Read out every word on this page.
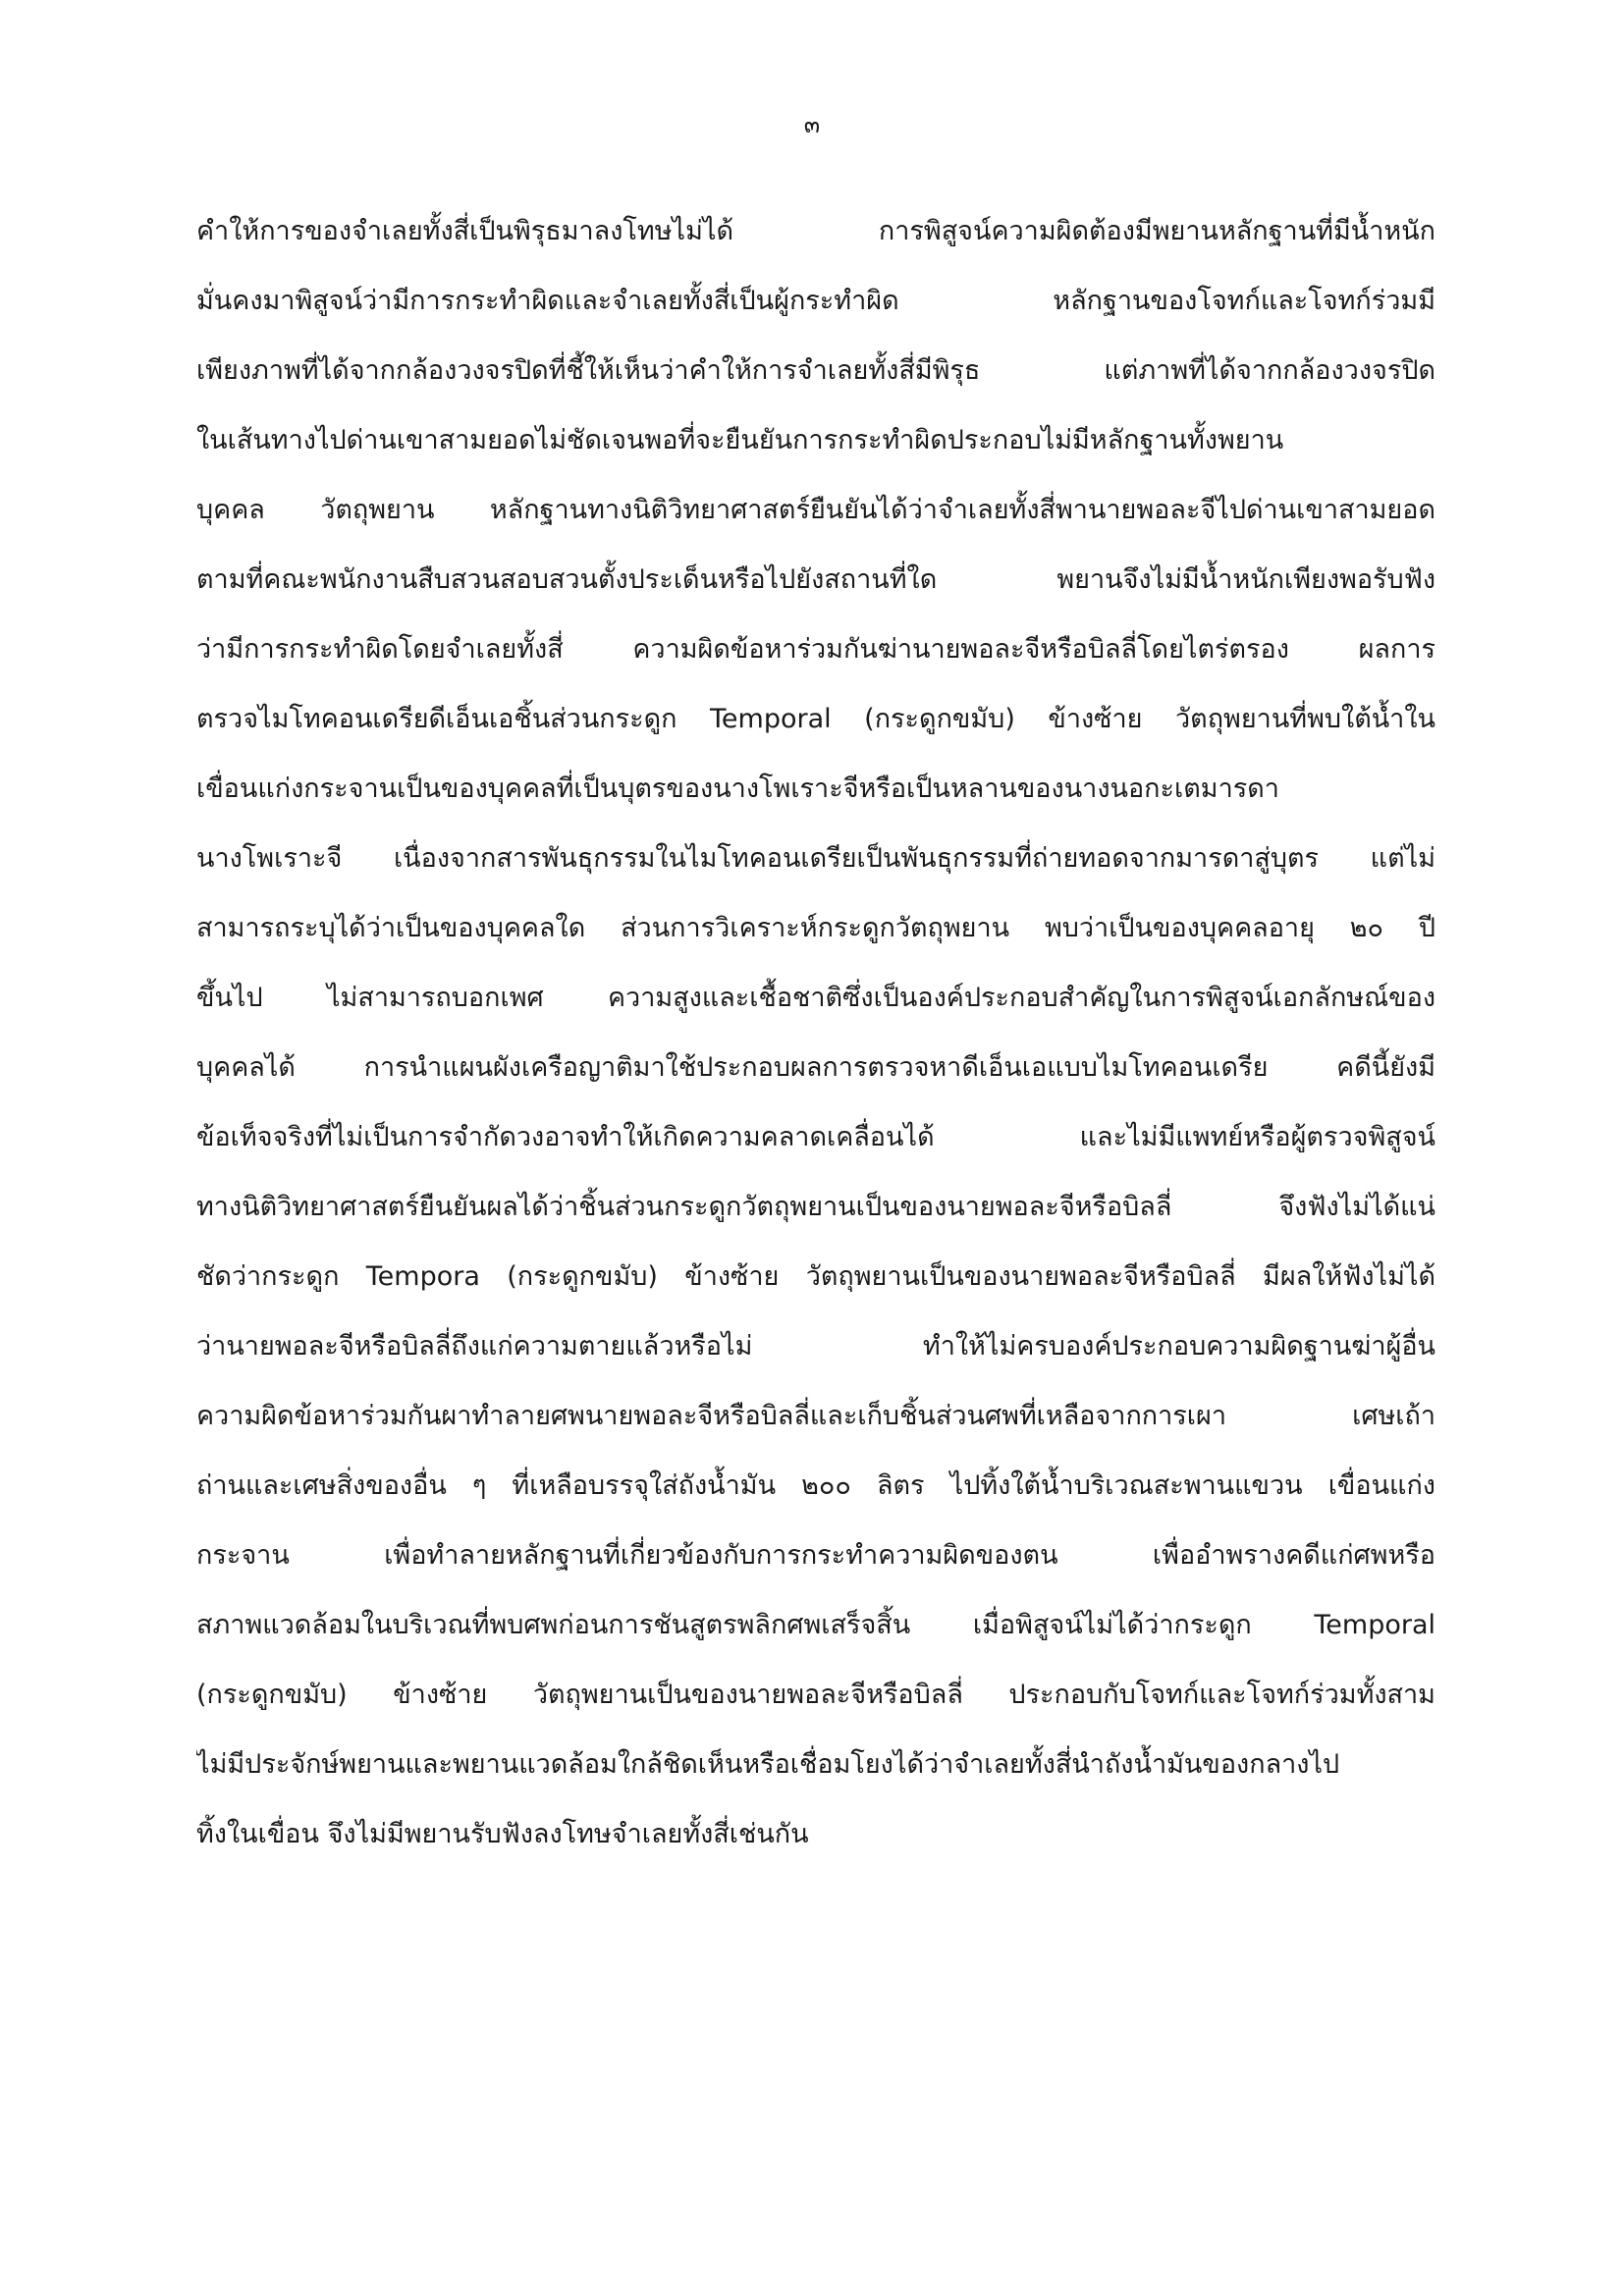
๓
คำให้การของจำเลยทั้งสี่เป็นพิรุธมาลงโทษไม่ได้ การพิสูจน์ความผิดต้องมีพยานหลักฐานที่มีน้ำหนัก
มั่นคงมาพิสูจน์ว่ามีการกระทำผิดและจำเลยทั้งสี่เป็นผู้กระทำผิด หลักฐานของโจทก์และโจทก์ร่วมมี
เพียงภาพที่ได้จากกล้องวงจรปิดที่ชี้ให้เห็นว่าคำให้การจำเลยทั้งสี่มีพิรุธ แต่ภาพที่ได้จากกล้องวงจรปิด
ในเส้นทางไปด่านเขาสามยอดไม่ชัดเจนพอที่จะยืนยันการกระทำผิดประกอบไม่มีหลักฐานทั้งพยาน
บุคคล วัตถุพยาน หลักฐานทางนิติวิทยาศาสตร์ยืนยันได้ว่าจำเลยทั้งสี่พานายพอละจีไปด่านเขาสามยอด
ตามที่คณะพนักงานสืบสวนสอบสวนตั้งประเด็นหรือไปยังสถานที่ใด พยานจึงไม่มีน้ำหนักเพียงพอรับฟัง
ว่ามีการกระทำผิดโดยจำเลยทั้งสี่ ความผิดข้อหาร่วมกันฆ่านายพอละจีหรือบิลลี่โดยไตร่ตรอง ผลการ
ตรวจไมโทคอนเดรียดีเอ็นเอชิ้นส่วนกระดูก Temporal (กระดูกขมับ) ข้างซ้าย วัตถุพยานที่พบใต้น้ำใน
เขื่อนแก่งกระจานเป็นของบุคคลที่เป็นบุตรของนางโพเราะจีหรือเป็นหลานของนางนอกะเตมารดา
นางโพเราะจี เนื่องจากสารพันธุกรรมในไมโทคอนเดรียเป็นพันธุกรรมที่ถ่ายทอดจากมารดาสู่บุตร แต่ไม่
สามารถระบุได้ว่าเป็นของบุคคลใด ส่วนการวิเคราะห์กระดูกวัตถุพยาน พบว่าเป็นของบุคคลอายุ ๒๐ ปี
ขึ้นไป ไม่สามารถบอกเพศ ความสูงและเชื้อชาติซึ่งเป็นองค์ประกอบสำคัญในการพิสูจน์เอกลักษณ์ของ
บุคคลได้ การนำแผนผังเครือญาติมาใช้ประกอบผลการตรวจหาดีเอ็นเอแบบไมโทคอนเดรีย คดีนี้ยังมี
ข้อเท็จจริงที่ไม่เป็นการจำกัดวงอาจทำให้เกิดความคลาดเคลื่อนได้ และไม่มีแพทย์หรือผู้ตรวจพิสูจน์
ทางนิติวิทยาศาสตร์ยืนยันผลได้ว่าชิ้นส่วนกระดูกวัตถุพยานเป็นของนายพอละจีหรือบิลลี่ จึงฟังไม่ได้แน่
ชัดว่ากระดูก Tempora (กระดูกขมับ) ข้างซ้าย วัตถุพยานเป็นของนายพอละจีหรือบิลลี่ มีผลให้ฟังไม่ได้
ว่านายพอละจีหรือบิลลี่ถึงแก่ความตายแล้วหรือไม่ ทำให้ไม่ครบองค์ประกอบความผิดฐานฆ่าผู้อื่น
ความผิดข้อหาร่วมกันผาทำลายศพนายพอละจีหรือบิลลี่และเก็บชิ้นส่วนศพที่เหลือจากการเผา เศษเถ้า
ถ่านและเศษสิ่งของอื่น ๆ ที่เหลือบรรจุใส่ถังน้ำมัน ๒๐๐ ลิตร ไปทิ้งใต้น้ำบริเวณสะพานแขวน เขื่อนแก่ง
กระจาน เพื่อทำลายหลักฐานที่เกี่ยวข้องกับการกระทำความผิดของตน เพื่ออำพรางคดีแก่ศพหรือ
สภาพแวดล้อมในบริเวณที่พบศพก่อนการชันสูตรพลิกศพเสร็จสิ้น เมื่อพิสูจน์ไม่ได้ว่ากระดูก Temporal
(กระดูกขมับ) ข้างซ้าย วัตถุพยานเป็นของนายพอละจีหรือบิลลี่ ประกอบกับโจทก์และโจทก์ร่วมทั้งสาม
ไม่มีประจักษ์พยานและพยานแวดล้อมใกล้ชิดเห็นหรือเชื่อมโยงได้ว่าจำเลยทั้งสี่นำถังน้ำมันของกลางไป
ทิ้งในเขื่อน จึงไม่มีพยานรับฟังลงโทษจำเลยทั้งสี่เช่นกัน
